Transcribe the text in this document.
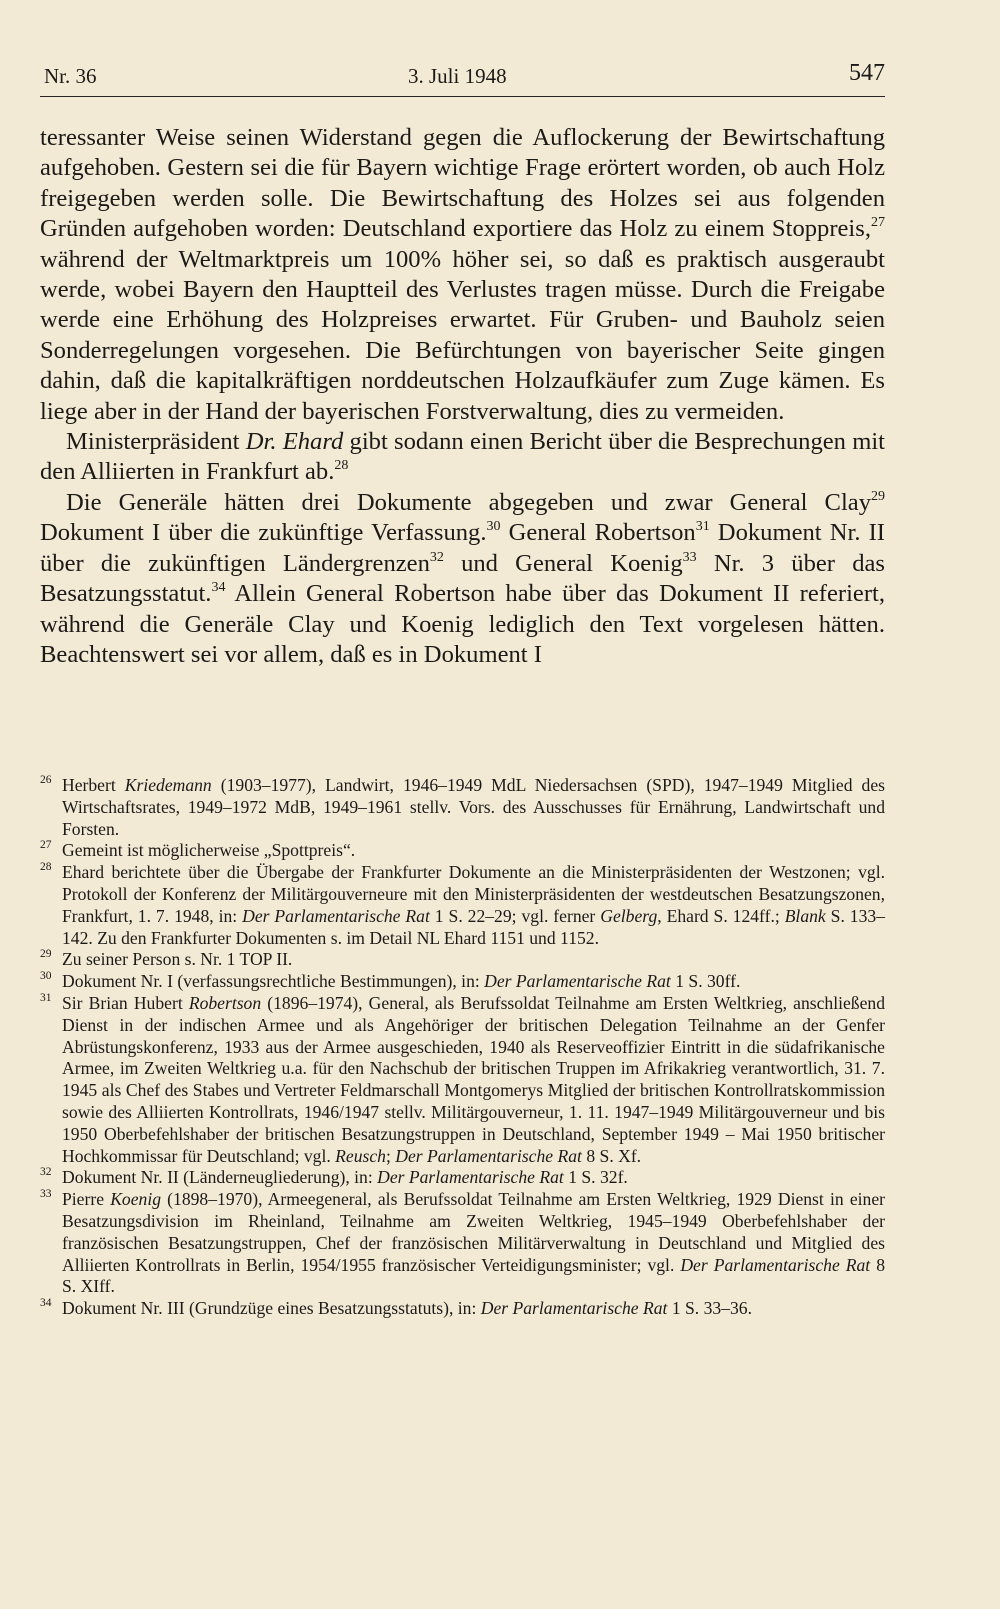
Nr. 36	3. Juli 1948	547

teressanter Weise seinen Widerstand gegen die Auflockerung der Bewirtschaftung aufgehoben. Gestern sei die für Bayern wichtige Frage erörtert worden, ob auch Holz freigegeben werden solle. Die Bewirtschaftung des Holzes sei aus folgenden Gründen aufgehoben worden: Deutschland exportiere das Holz zu einem Stoppreis,$^{27}$ während der Weltmarktpreis um 100% höher sei, so daß es praktisch ausgeraubt werde, wobei Bayern den Hauptteil des Verlustes tragen müsse. Durch die Freigabe werde eine Erhöhung des Holzpreises erwartet. Für Gruben- und Bauholz seien Sonderregelungen vorgesehen. Die Befürchtungen von bayerischer Seite gingen dahin, daß die kapitalkräftigen norddeutschen Holzaufkäufer zum Zuge kämen. Es liege aber in der Hand der bayerischen Forstverwaltung, dies zu vermeiden.

Ministerpräsident Dr. Ehard gibt sodann einen Bericht über die Besprechungen mit den Alliierten in Frankfurt ab.$^{28}$

Die Generäle hätten drei Dokumente abgegeben und zwar General Clay$^{29}$ Dokument I über die zukünftige Verfassung.$^{30}$ General Robertson$^{31}$ Dokument Nr. II über die zukünftigen Ländergrenzen$^{32}$ und General Koenig$^{33}$ Nr. 3 über das Besatzungsstatut.$^{34}$ Allein General Robertson habe über das Dokument II referiert, während die Generäle Clay und Koenig lediglich den Text vorgelesen hätten. Beachtenswert sei vor allem, daß es in Dokument I

26 Herbert Kriedemann (1903–1977), Landwirt, 1946–1949 MdL Niedersachsen (SPD), 1947–1949 Mitglied des Wirtschaftsrates, 1949–1972 MdB, 1949–1961 stellv. Vors. des Ausschusses für Ernährung, Landwirtschaft und Forsten.
27 Gemeint ist möglicherweise „Spottpreis“.
28 Ehard berichtete über die Übergabe der Frankfurter Dokumente an die Ministerpräsidenten der Westzonen; vgl. Protokoll der Konferenz der Militärgouverneure mit den Ministerpräsidenten der westdeutschen Besatzungszonen, Frankfurt, 1. 7. 1948, in: Der Parlamentarische Rat 1 S. 22–29; vgl. ferner Gelberg, Ehard S. 124ff.; Blank S. 133–142. Zu den Frankfurter Dokumenten s. im Detail NL Ehard 1151 und 1152.
29 Zu seiner Person s. Nr. 1 TOP II.
30 Dokument Nr. I (verfassungsrechtliche Bestimmungen), in: Der Parlamentarische Rat 1 S. 30ff.
31 Sir Brian Hubert Robertson (1896–1974), General, als Berufssoldat Teilnahme am Ersten Weltkrieg, anschließend Dienst in der indischen Armee und als Angehöriger der britischen Delegation Teilnahme an der Genfer Abrüstungskonferenz, 1933 aus der Armee ausgeschieden, 1940 als Reserveoffizier Eintritt in die südafrikanische Armee, im Zweiten Weltkrieg u.a. für den Nachschub der britischen Truppen im Afrikakrieg verantwortlich, 31. 7. 1945 als Chef des Stabes und Vertreter Feldmarschall Montgomerys Mitglied der britischen Kontrollratskommission sowie des Alliierten Kontrollrats, 1946/1947 stellv. Militärgouverneur, 1. 11. 1947–1949 Militärgouverneur und bis 1950 Oberbefehlshaber der britischen Besatzungstruppen in Deutschland, September 1949 – Mai 1950 britischer Hochkommissar für Deutschland; vgl. Reusch; Der Parlamentarische Rat 8 S. Xf.
32 Dokument Nr. II (Länderneugliederung), in: Der Parlamentarische Rat 1 S. 32f.
33 Pierre Koenig (1898–1970), Armeegeneral, als Berufssoldat Teilnahme am Ersten Weltkrieg, 1929 Dienst in einer Besatzungsdivision im Rheinland, Teilnahme am Zweiten Weltkrieg, 1945–1949 Oberbefehlshaber der französischen Besatzungstruppen, Chef der französischen Militärverwaltung in Deutschland und Mitglied des Alliierten Kontrollrats in Berlin, 1954/1955 französischer Verteidigungsminister; vgl. Der Parlamentarische Rat 8 S. XIff.
34 Dokument Nr. III (Grundzüge eines Besatzungsstatuts), in: Der Parlamentarische Rat 1 S. 33–36.
